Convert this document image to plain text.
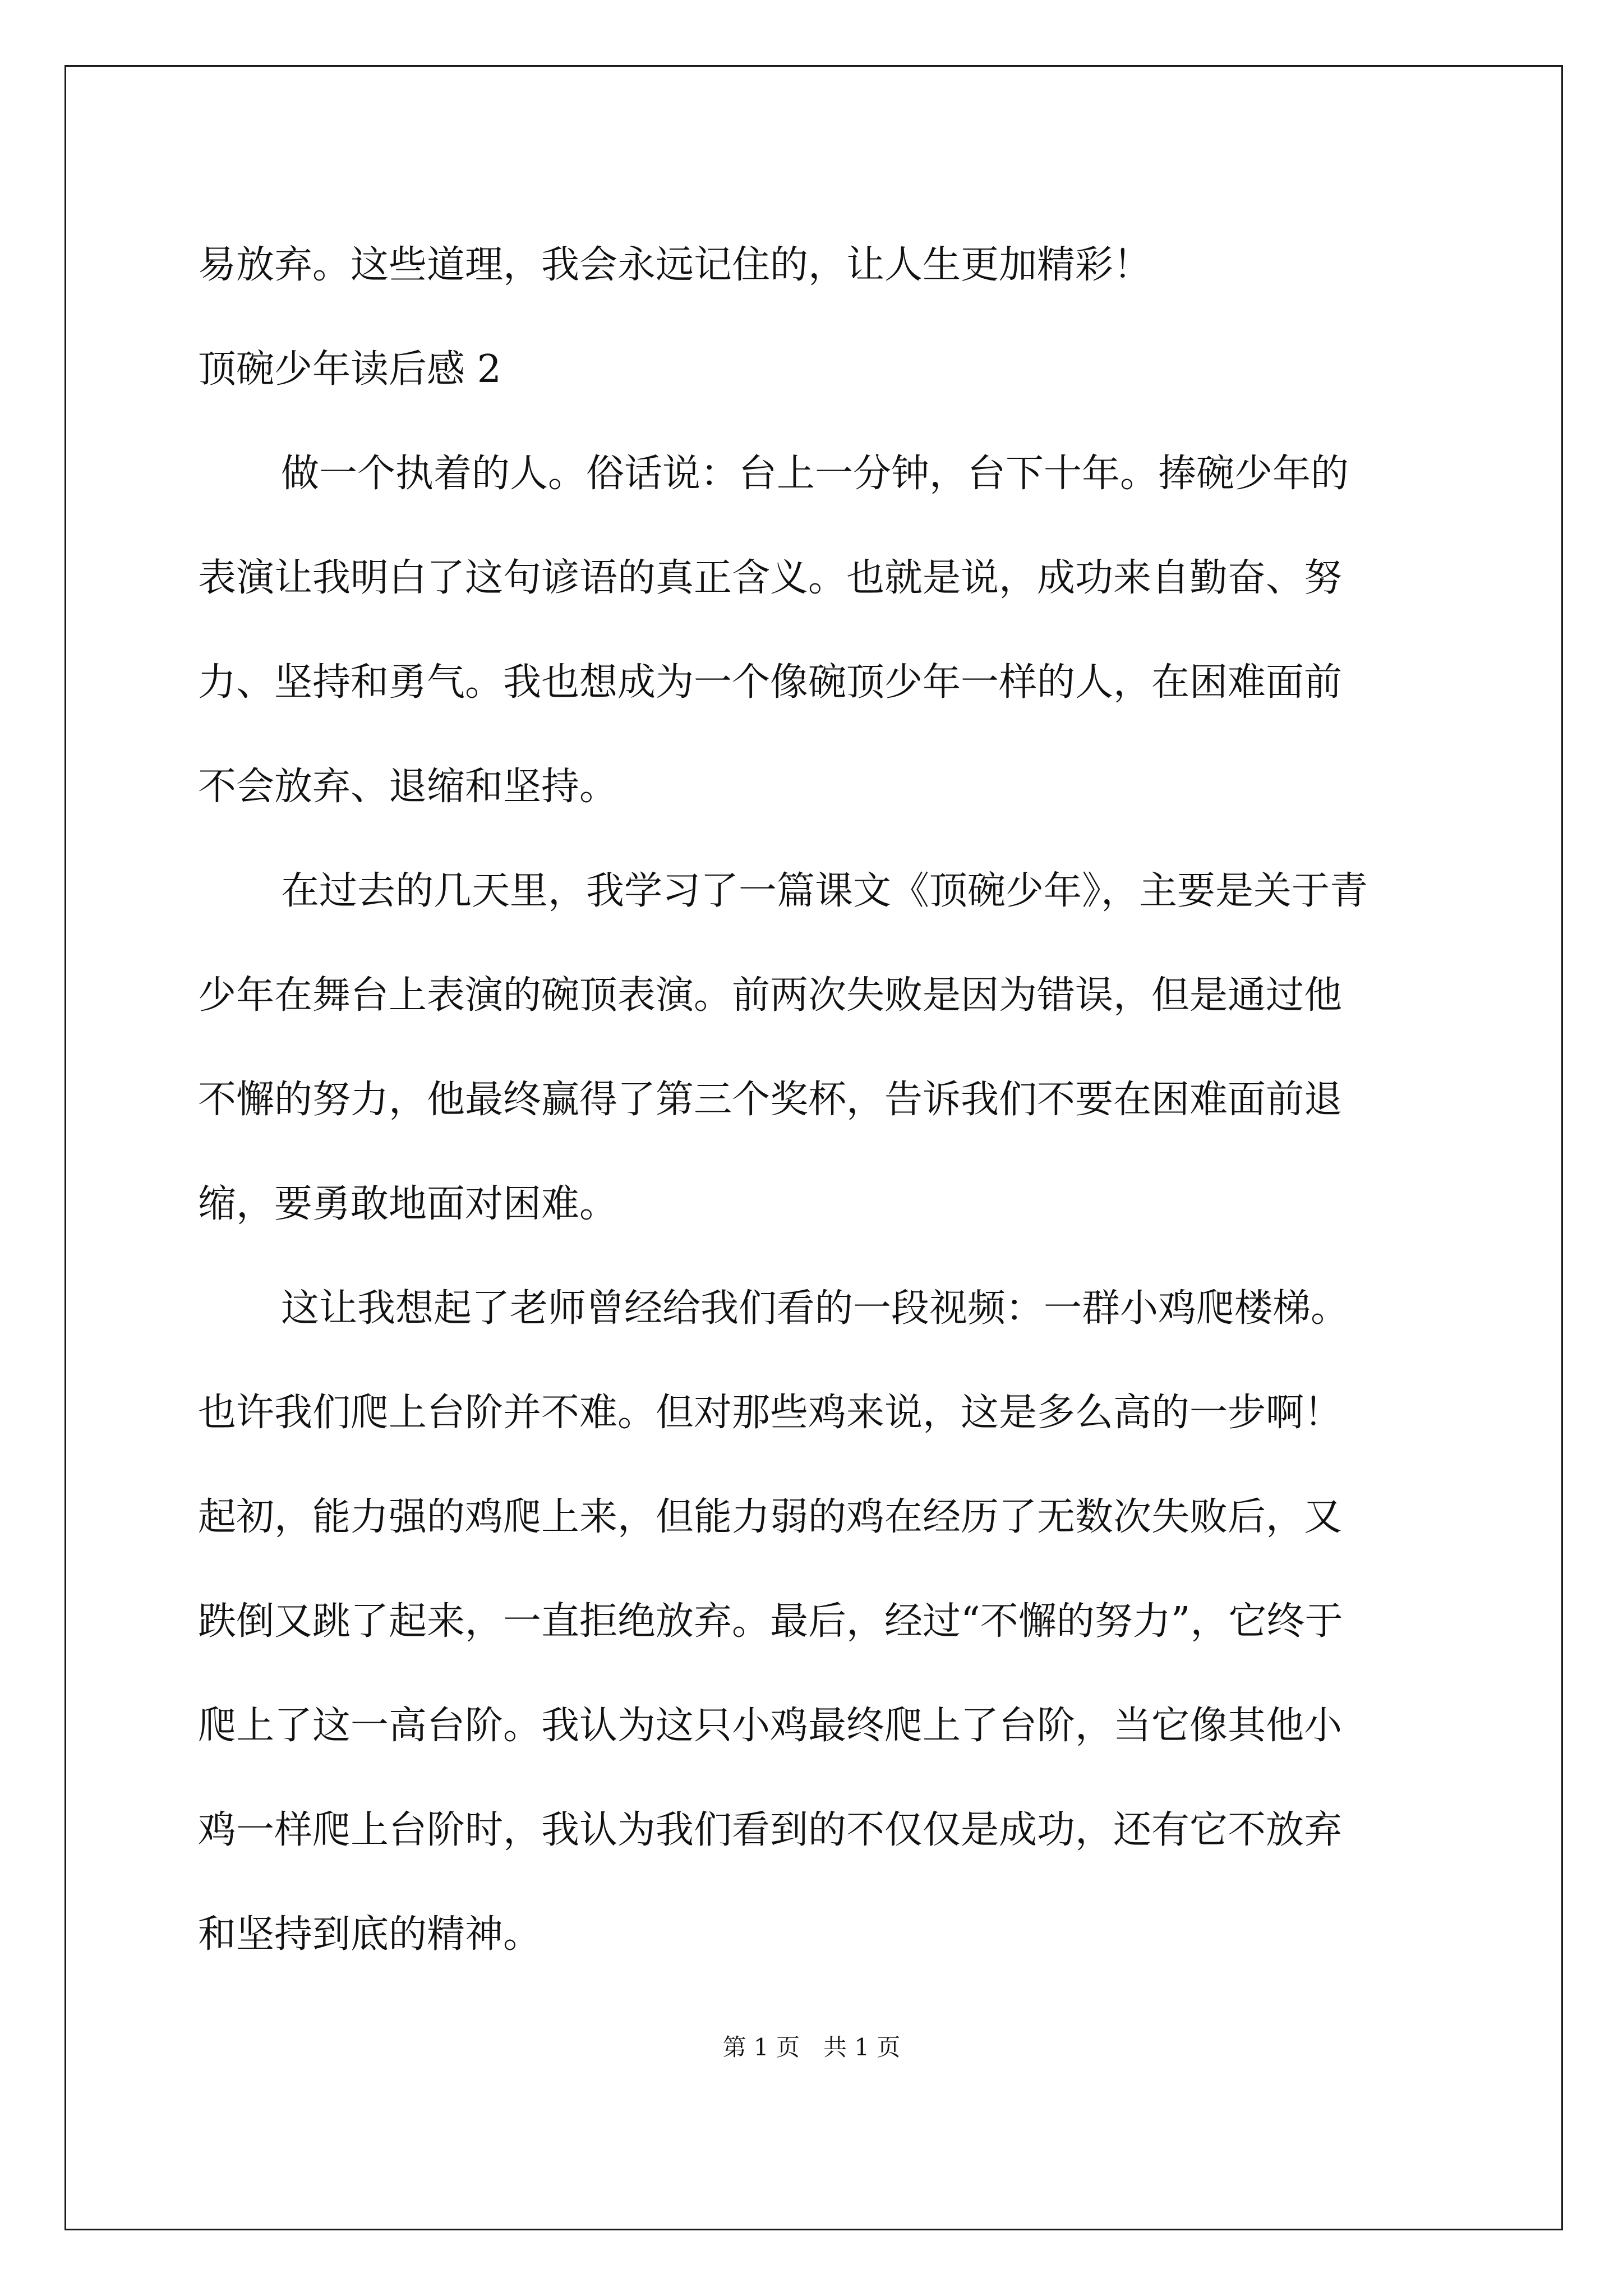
易放弃。这些道理，我会永远记住的，让人生更加精彩！
顶碗少年读后感 2
做一个执着的人。俗话说：台上一分钟，台下十年。捧碗少年的
表演让我明白了这句谚语的真正含义。也就是说，成功来自勤奋、努
力、坚持和勇气。我也想成为一个像碗顶少年一样的人，在困难面前
不会放弃、退缩和坚持。
在过去的几天里，我学习了一篇课文《顶碗少年》，主要是关于青
少年在舞台上表演的碗顶表演。前两次失败是因为错误，但是通过他
不懈的努力，他最终赢得了第三个奖杯，告诉我们不要在困难面前退
缩，要勇敢地面对困难。
这让我想起了老师曾经给我们看的一段视频：一群小鸡爬楼梯。
也许我们爬上台阶并不难。但对那些鸡来说，这是多么高的一步啊！
起初，能力强的鸡爬上来，但能力弱的鸡在经历了无数次失败后，又
跌倒又跳了起来，一直拒绝放弃。最后，经过“不懈的努力”，它终于
爬上了这一高台阶。我认为这只小鸡最终爬上了台阶，当它像其他小
鸡一样爬上台阶时，我认为我们看到的不仅仅是成功，还有它不放弃
和坚持到底的精神。
第 1 页　共 1 页
